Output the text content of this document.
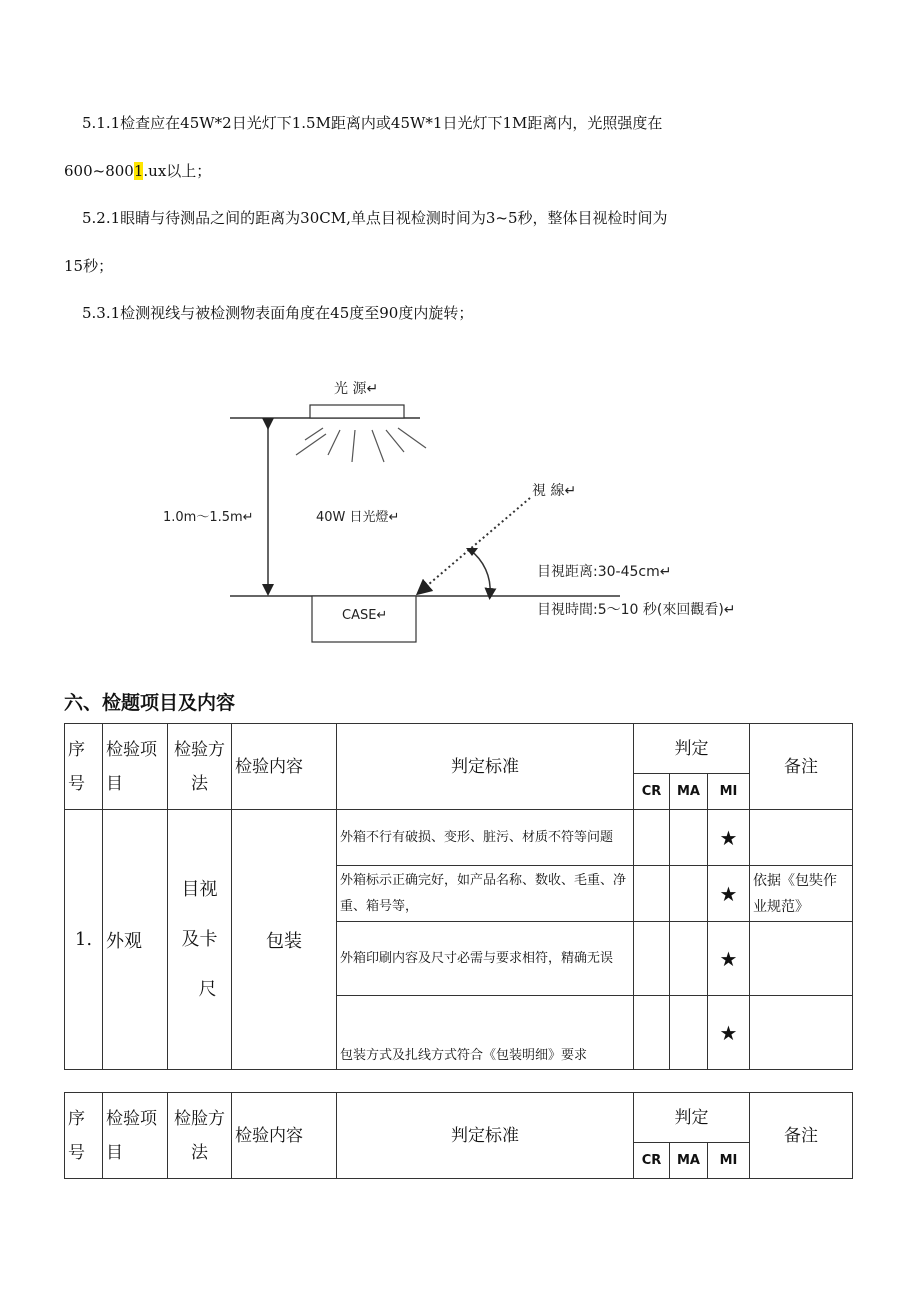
5.1.1检查应在45W*2日光灯下1.5M距离内或45W*1日光灯下1M距离内，光照强度在
600~8001.ux以上；
5.2.1眼睛与待测品之间的距离为30CM,单点目视检测时间为3~5秒，整体目视检时间为
15秒；
5.3.1检测视线与被检测物表面角度在45度至90度内旋转；
CASE↵
光 源↵
1.0m～1.5m↵	40W 日光燈↵
視 線↵
目視距离:30-45cm↵
目視時間:5～10 秒(來回觀看)↵
六、检题项目及内容
序
号	检验项
目	检验方
法	检验内容	判定标准	判定			备注
					CR	MA	MI	
1.	外观	目视
及卡
尺	包装	外箱不行有破损、变形、脏污、材质不符等问题			★	
				外箱标示正确完好，如产品名称、数收、毛重、净重、箱号等，			★	依据《包奘作业规范》
				外箱印刷内容及尺寸必需与要求相符，精确无误			★	
				包装方式及扎线方式符合《包装明细》要求			★	
序
号	检验项
目	检脸方
法	检验内容	判定标准	判定			备注
					CR	MA	MI	
